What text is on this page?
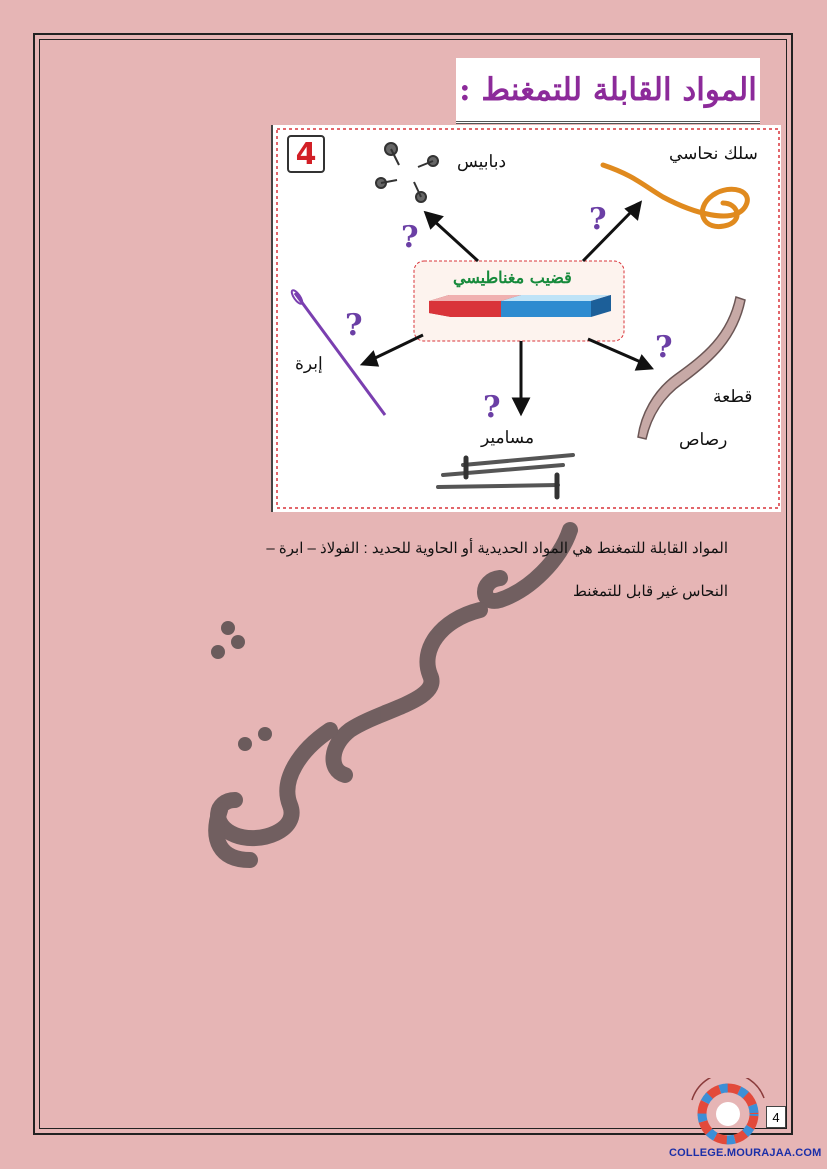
المواد القابلة للتمغنط :
?
?
?
?
?
4
قضيب مغناطيسي
دبابيس	سلك نحاسي
إبرة
قطعة
رصاص
مسامير
المواد القابلة للتمغنط هي المواد الحديدية أو الحاوية للحديد : الفولاذ – ابرة –
النحاس غير قابل للتمغنط
4
COLLEGE.MOURAJAA.COM
